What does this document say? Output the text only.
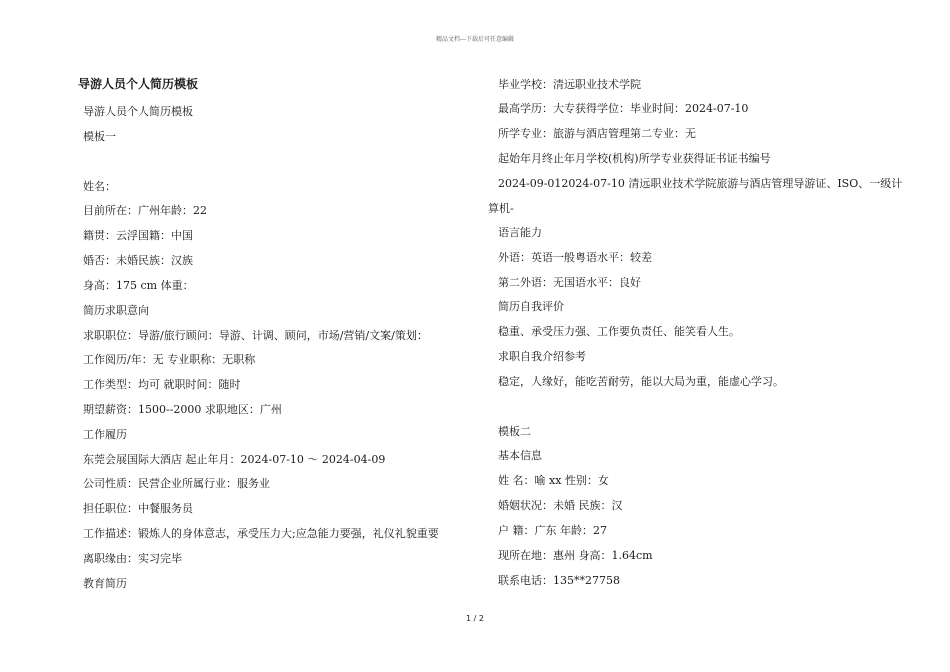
精品文档---下载后可任意编辑
导游人员个人简历模板
导游人员个人简历模板
模板一
姓名：
目前所在：广州年龄：22
籍贯：云浮国籍：中国
婚否：未婚民族：汉族
身高：175 cm 体重：
简历求职意向
求职职位：导游/旅行顾问：导游、计调、顾问，市场/营销/文案/策划：
工作阅历/年：无 专业职称：无职称
工作类型：均可 就职时间：随时
期望薪资：1500--2000 求职地区：广州
工作履历
东莞会展国际大酒店 起止年月：2024-07-10 ～ 2024-04-09
公司性质：民营企业所属行业：服务业
担任职位：中餐服务员
工作描述：锻炼人的身体意志，承受压力大;应急能力要强，礼仪礼貌重要
离职缘由：实习完毕
教育简历
毕业学校：清远职业技术学院
最高学历：大专获得学位：毕业时间：2024-07-10
所学专业：旅游与酒店管理第二专业：无
起始年月终止年月学校(机构)所学专业获得证书证书编号
2024-09-012024-07-10 清远职业技术学院旅游与酒店管理导游证、ISO、一级计
算机-
语言能力
外语：英语一般粤语水平：较差
第二外语：无国语水平：良好
简历自我评价
稳重、承受压力强、工作要负责任、能笑看人生。
求职自我介绍参考
稳定，人缘好，能吃苦耐劳，能以大局为重，能虚心学习。
模板二
基本信息
姓 名：喻 xx 性别：女
婚姻状况：未婚 民族：汉
户 籍：广东 年龄：27
现所在地：惠州 身高：1.64cm
联系电话：135**27758
1 / 2
